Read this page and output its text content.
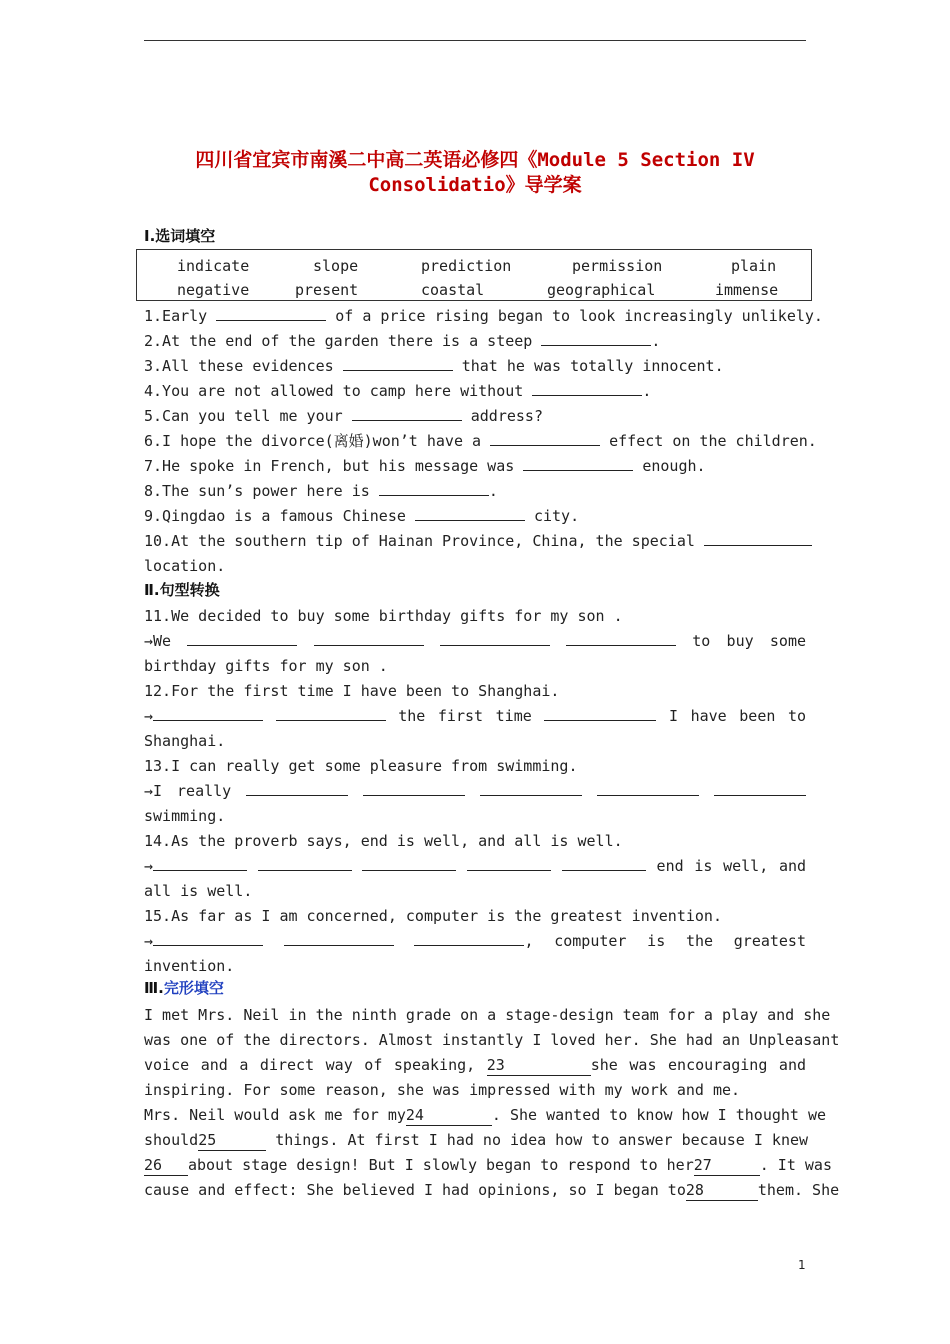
四川省宜宾市南溪二中高二英语必修四《Module 5 Section IV
Consolidatio》导学案
Ⅰ.选词填空
indicate	slope	prediction	permission	plain
negative	present	coastal	geographical	immense
1.Early	of a price rising began to look increasingly unlikely.
2.At the end of the garden there is a steep	.
3.All these evidences	that he was totally innocent.
4.You are not allowed to camp here without	.
5.Can you tell me your	address?
6.I hope the divorce(离婚)won’t have a	effect on the children.
7.He spoke in French, but his message was	enough.
8.The sun’s power here is	.
9.Qingdao is a famous Chinese	city.
10.At the southern tip of Hainan Province, China, the special
location.
Ⅱ.句型转换
11.We decided to buy some birthday gifts for my son .
→We	to buy some
birthday gifts for my son .
12.For the first time I have been to Shanghai.
→	the first time	I have been to
Shanghai.
13.I can really get some pleasure from swimming.
→I really
swimming.
14.As the proverb says, end is well, and all is well.
→	end is well, and
all is well.
15.As far as I am concerned, computer is the greatest invention.
→	, computer is the greatest
invention.
Ⅲ.完形填空
I met Mrs. Neil in the ninth grade on a stage-design team for a play and she
was one of the directors. Almost instantly I loved her. She had an Unpleasant
voice and a direct way of speaking, 23	she was encouraging and
inspiring. For some reason, she was impressed with my work and me.
Mrs. Neil would ask me for my24	. She wanted to know how I thought we
should25	things. At first I had no idea how to answer because I knew
26 about stage design! But I slowly began to respond to her27	. It was
cause and effect: She believed I had opinions, so I began to28	them. She
1
